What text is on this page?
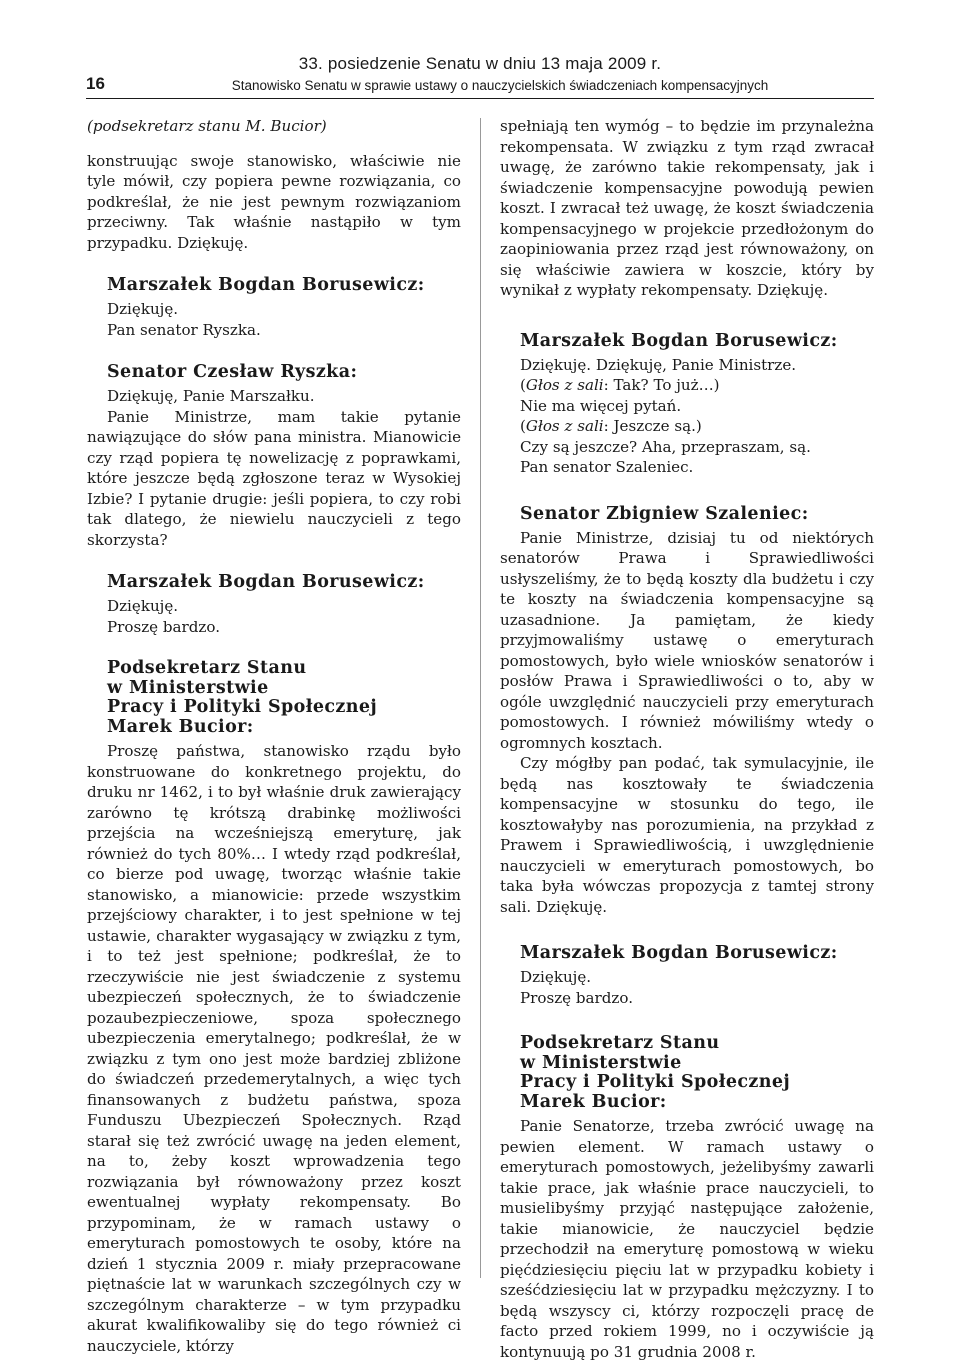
16
33. posiedzenie Senatu w dniu 13 maja 2009 r.
Stanowisko Senatu w sprawie ustawy o nauczycielskich świadczeniach kompensacyjnych

(podsekretarz stanu M. Bucior)

konstruując swoje stanowisko, właściwie nie tyle mówił, czy popiera pewne rozwiązania, co podkreślał, że nie jest pewnym rozwiązaniom przeciwny. Tak właśnie nastąpiło w tym przypadku. Dziękuję.

Marszałek Bogdan Borusewicz:

Dziękuję.

Pan senator Ryszka.

Senator Czesław Ryszka:

Dziękuję, Panie Marszałku.

Panie Ministrze, mam takie pytanie nawiązujące do słów pana ministra. Mianowicie czy rząd popiera tę nowelizację z poprawkami, które jeszcze będą zgłoszone teraz w Wysokiej Izbie? I pytanie drugie: jeśli popiera, to czy robi tak dlatego, że niewielu nauczycieli z tego skorzysta?

Marszałek Bogdan Borusewicz:

Dziękuję.

Proszę bardzo.

Podsekretarz Stanu
w Ministerstwie
Pracy i Polityki Społecznej
Marek Bucior:

Proszę państwa, stanowisko rządu było konstruowane do konkretnego projektu, do druku nr 1462, i to był właśnie druk zawierający zarówno tę krótszą drabinkę możliwości przejścia na wcześniejszą emeryturę, jak również do tych 80%… I wtedy rząd podkreślał, co bierze pod uwagę, tworząc właśnie takie stanowisko, a mianowicie: przede wszystkim przejściowy charakter, i to jest spełnione w tej ustawie, charakter wygasający w związku z tym, i to też jest spełnione; podkreślał, że to rzeczywiście nie jest świadczenie z systemu ubezpieczeń społecznych, że to świadczenie pozaubezpieczeniowe, spoza społecznego ubezpieczenia emerytalnego; podkreślał, że w związku z tym ono jest może bardziej zbliżone do świadczeń przedemerytalnych, a więc tych finansowanych z budżetu państwa, spoza Funduszu Ubezpieczeń Społecznych. Rząd starał się też zwrócić uwagę na jeden element, na to, żeby koszt wprowadzenia tego rozwiązania był równoważony przez koszt ewentualnej wypłaty rekompensaty. Bo przypominam, że w ramach ustawy o emeryturach pomostowych te osoby, które na dzień 1 stycznia 2009 r. miały przepracowane piętnaście lat w warunkach szczególnych czy w szczególnym charakterze – w tym przypadku akurat kwalifikowaliby się do tego również ci nauczyciele, którzy

spełniają ten wymóg – to będzie im przynależna rekompensata. W związku z tym rząd zwracał uwagę, że zarówno takie rekompensaty, jak i świadczenie kompensacyjne powodują pewien koszt. I zwracał też uwagę, że koszt świadczenia kompensacyjnego w projekcie przedłożonym do zaopiniowania przez rząd jest równoważony, on się właściwie zawiera w koszcie, który by wynikał z wypłaty rekompensaty. Dziękuję.

Marszałek Bogdan Borusewicz:

Dziękuję. Dziękuję, Panie Ministrze.

(Głos z sali: Tak? To już…)

Nie ma więcej pytań.

(Głos z sali: Jeszcze są.)

Czy są jeszcze? Aha, przepraszam, są.

Pan senator Szaleniec.

Senator Zbigniew Szaleniec:

Panie Ministrze, dzisiaj tu od niektórych senatorów Prawa i Sprawiedliwości usłyszeliśmy, że to będą koszty dla budżetu i czy te koszty na świadczenia kompensacyjne są uzasadnione. Ja pamiętam, że kiedy przyjmowaliśmy ustawę o emeryturach pomostowych, było wiele wniosków senatorów i posłów Prawa i Sprawiedliwości o to, aby w ogóle uwzględnić nauczycieli przy emeryturach pomostowych. I również mówiliśmy wtedy o ogromnych kosztach.

Czy mógłby pan podać, tak symulacyjnie, ile będą nas kosztowały te świadczenia kompensacyjne w stosunku do tego, ile kosztowałyby nas porozumienia, na przykład z Prawem i Sprawiedliwością, i uwzględnienie nauczycieli w emeryturach pomostowych, bo taka była wówczas propozycja z tamtej strony sali. Dziękuję.

Marszałek Bogdan Borusewicz:

Dziękuję.

Proszę bardzo.

Podsekretarz Stanu
w Ministerstwie
Pracy i Polityki Społecznej
Marek Bucior:

Panie Senatorze, trzeba zwrócić uwagę na pewien element. W ramach ustawy o emeryturach pomostowych, jeżelibyśmy zawarli takie prace, jak właśnie prace nauczycieli, to musielibyśmy przyjąć następujące założenie, takie mianowicie, że nauczyciel będzie przechodził na emeryturę pomostową w wieku pięćdziesięciu pięciu lat w przypadku kobiety i sześćdziesięciu lat w przypadku mężczyzny. I to będą wszyscy ci, którzy rozpoczęli pracę de facto przed rokiem 1999, no i oczywiście ją kontynuują po 31 grudnia 2008 r.
